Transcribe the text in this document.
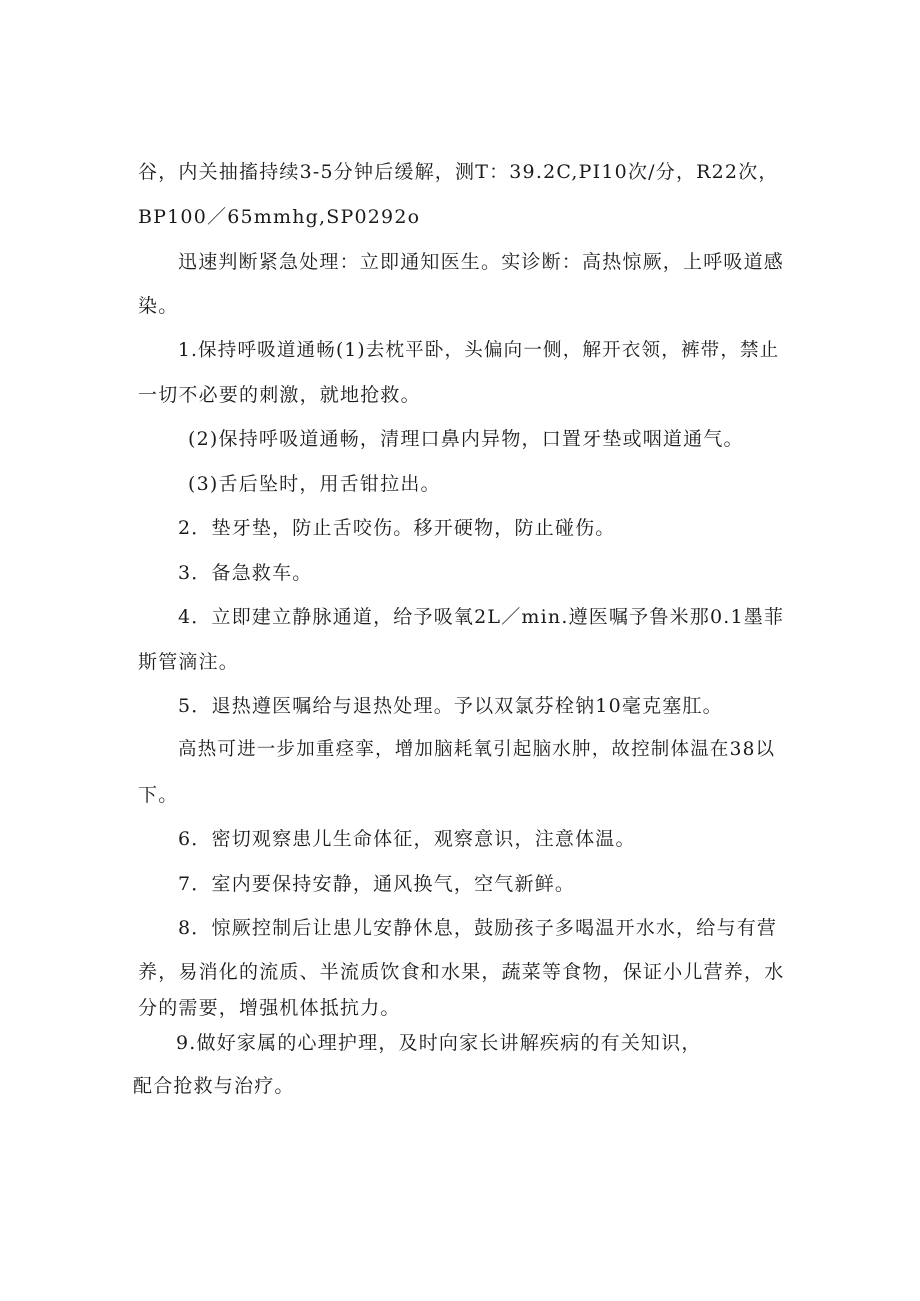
谷，内关抽搐持续3-5分钟后缓解，测T：39.2C,PI10次/分，R22次，
BP100／65mmhg,SP0292o
迅速判断紧急处理：立即通知医生。实诊断：高热惊厥，上呼吸道感
染。
1.保持呼吸道通畅(1)去枕平卧，头偏向一侧，解开衣领，裤带，禁止
一切不必要的刺激，就地抢救。
(2)保持呼吸道通畅，清理口鼻内异物，口置牙垫或咽道通气。
(3)舌后坠时，用舌钳拉出。
2．垫牙垫，防止舌咬伤。移开硬物，防止碰伤。
3．备急救车。
4．立即建立静脉通道，给予吸氧2L／min.遵医嘱予鲁米那0.1墨菲
斯管滴注。
5．退热遵医嘱给与退热处理。予以双氯芬栓钠10毫克塞肛。
高热可进一步加重痉挛，增加脑耗氧引起脑水肿，故控制体温在38以
下。
6．密切观察患儿生命体征，观察意识，注意体温。
7．室内要保持安静，通风换气，空气新鲜。
8．惊厥控制后让患儿安静休息，鼓励孩子多喝温开水水，给与有营
养，易消化的流质、半流质饮食和水果，蔬菜等食物，保证小儿营养，水
分的需要，增强机体抵抗力。
9.做好家属的心理护理，及时向家长讲解疾病的有关知识，
配合抢救与治疗。
